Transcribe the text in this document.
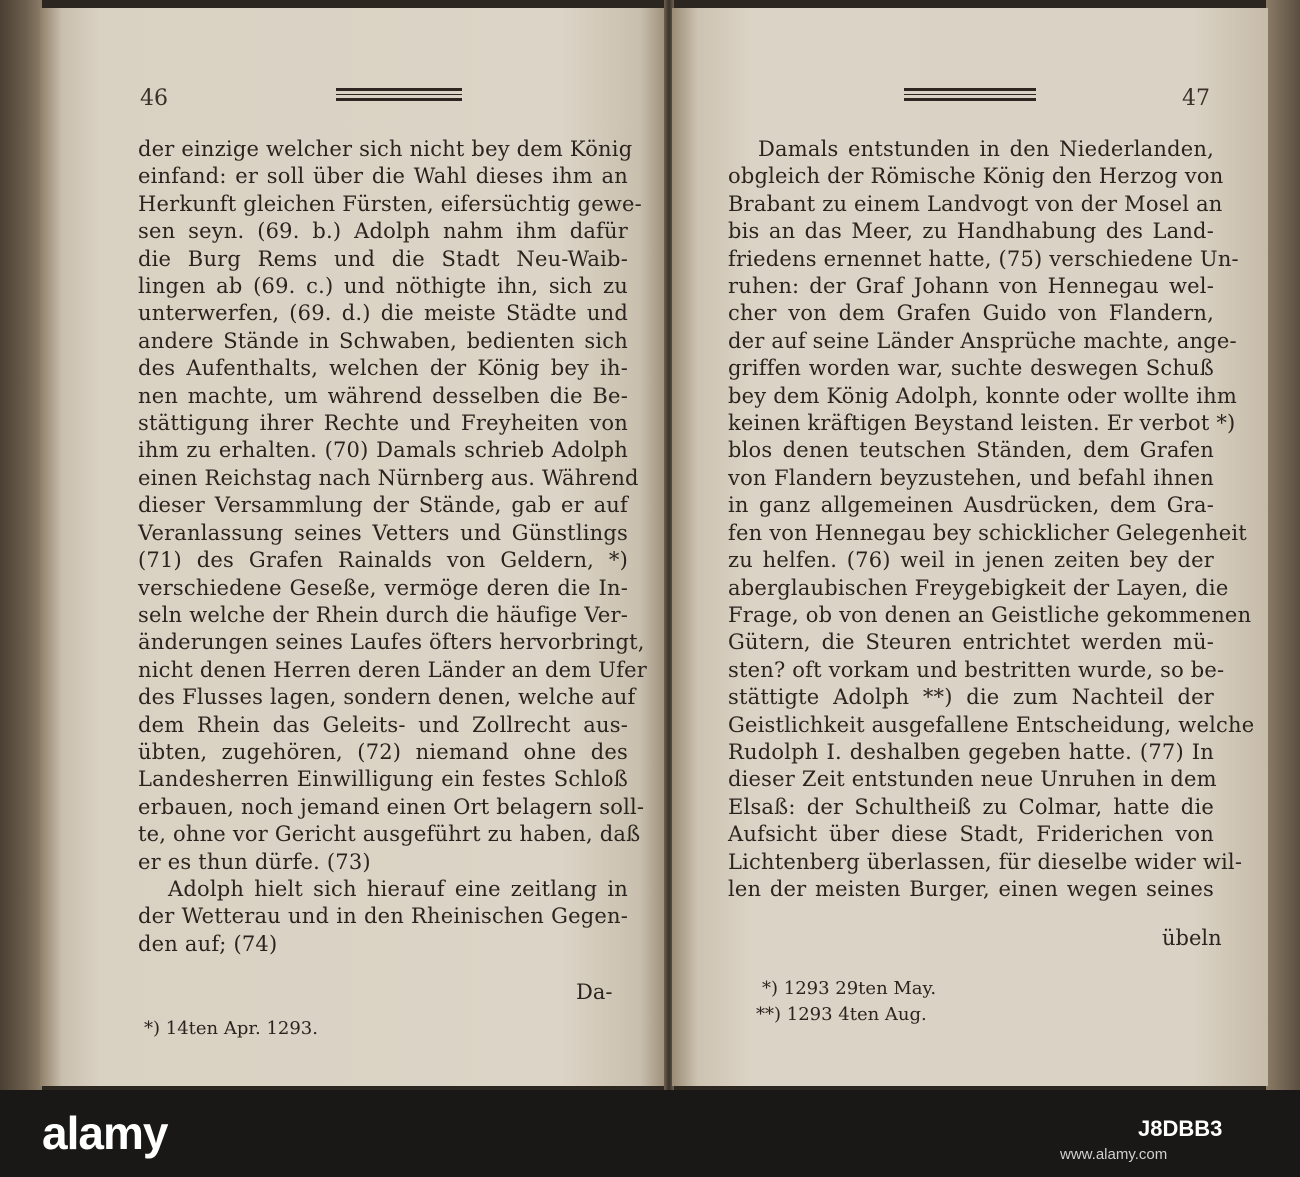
46
der einzige welcher sich nicht bey dem König
einfand: er soll über die Wahl dieses ihm an
Herkunft gleichen Fürsten, eifersüchtig gewe-
sen seyn. (69. b.) Adolph nahm ihm dafür
die Burg Rems und die Stadt Neu-Waib-
lingen ab (69. c.) und nöthigte ihn, sich zu
unterwerfen, (69. d.) die meiste Städte und
andere Stände in Schwaben, bedienten sich
des Aufenthalts, welchen der König bey ih-
nen machte, um während desselben die Be-
stättigung ihrer Rechte und Freyheiten von
ihm zu erhalten. (70) Damals schrieb Adolph
einen Reichstag nach Nürnberg aus. Während
dieser Versammlung der Stände, gab er auf
Veranlassung seines Vetters und Günstlings
(71) des Grafen Rainalds von Geldern, *)
verschiedene Geseße, vermöge deren die In-
seln welche der Rhein durch die häufige Ver-
änderungen seines Laufes öfters hervorbringt,
nicht denen Herren deren Länder an dem Ufer
des Flusses lagen, sondern denen, welche auf
dem Rhein das Geleits- und Zollrecht aus-
übten, zugehören, (72) niemand ohne des
Landesherren Einwilligung ein festes Schloß
erbauen, noch jemand einen Ort belagern soll-
te, ohne vor Gericht ausgeführt zu haben, daß
er es thun dürfe. (73)
Adolph hielt sich hierauf eine zeitlang in
der Wetterau und in den Rheinischen Gegen-
den auf; (74)
Da-
*) 14ten Apr. 1293.
47
Damals entstunden in den Niederlanden,
obgleich der Römische König den Herzog von
Brabant zu einem Landvogt von der Mosel an
bis an das Meer, zu Handhabung des Land-
friedens ernennet hatte, (75) verschiedene Un-
ruhen: der Graf Johann von Hennegau wel-
cher von dem Grafen Guido von Flandern,
der auf seine Länder Ansprüche machte, ange-
griffen worden war, suchte deswegen Schuß
bey dem König Adolph, konnte oder wollte ihm
keinen kräftigen Beystand leisten. Er verbot *)
blos denen teutschen Ständen, dem Grafen
von Flandern beyzustehen, und befahl ihnen
in ganz allgemeinen Ausdrücken, dem Gra-
fen von Hennegau bey schicklicher Gelegenheit
zu helfen. (76) weil in jenen zeiten bey der
aberglaubischen Freygebigkeit der Layen, die
Frage, ob von denen an Geistliche gekommenen
Gütern, die Steuren entrichtet werden mü-
sten? oft vorkam und bestritten wurde, so be-
stättigte Adolph **) die zum Nachteil der
Geistlichkeit ausgefallene Entscheidung, welche
Rudolph I. deshalben gegeben hatte. (77) In
dieser Zeit entstunden neue Unruhen in dem
Elsaß: der Schultheiß zu Colmar, hatte die
Aufsicht über diese Stadt, Friderichen von
Lichtenberg überlassen, für dieselbe wider wil-
len der meisten Burger, einen wegen seines
übeln
*) 1293 29ten May.
**) 1293 4ten Aug.
alamy	J8DBB3
www.alamy.com
